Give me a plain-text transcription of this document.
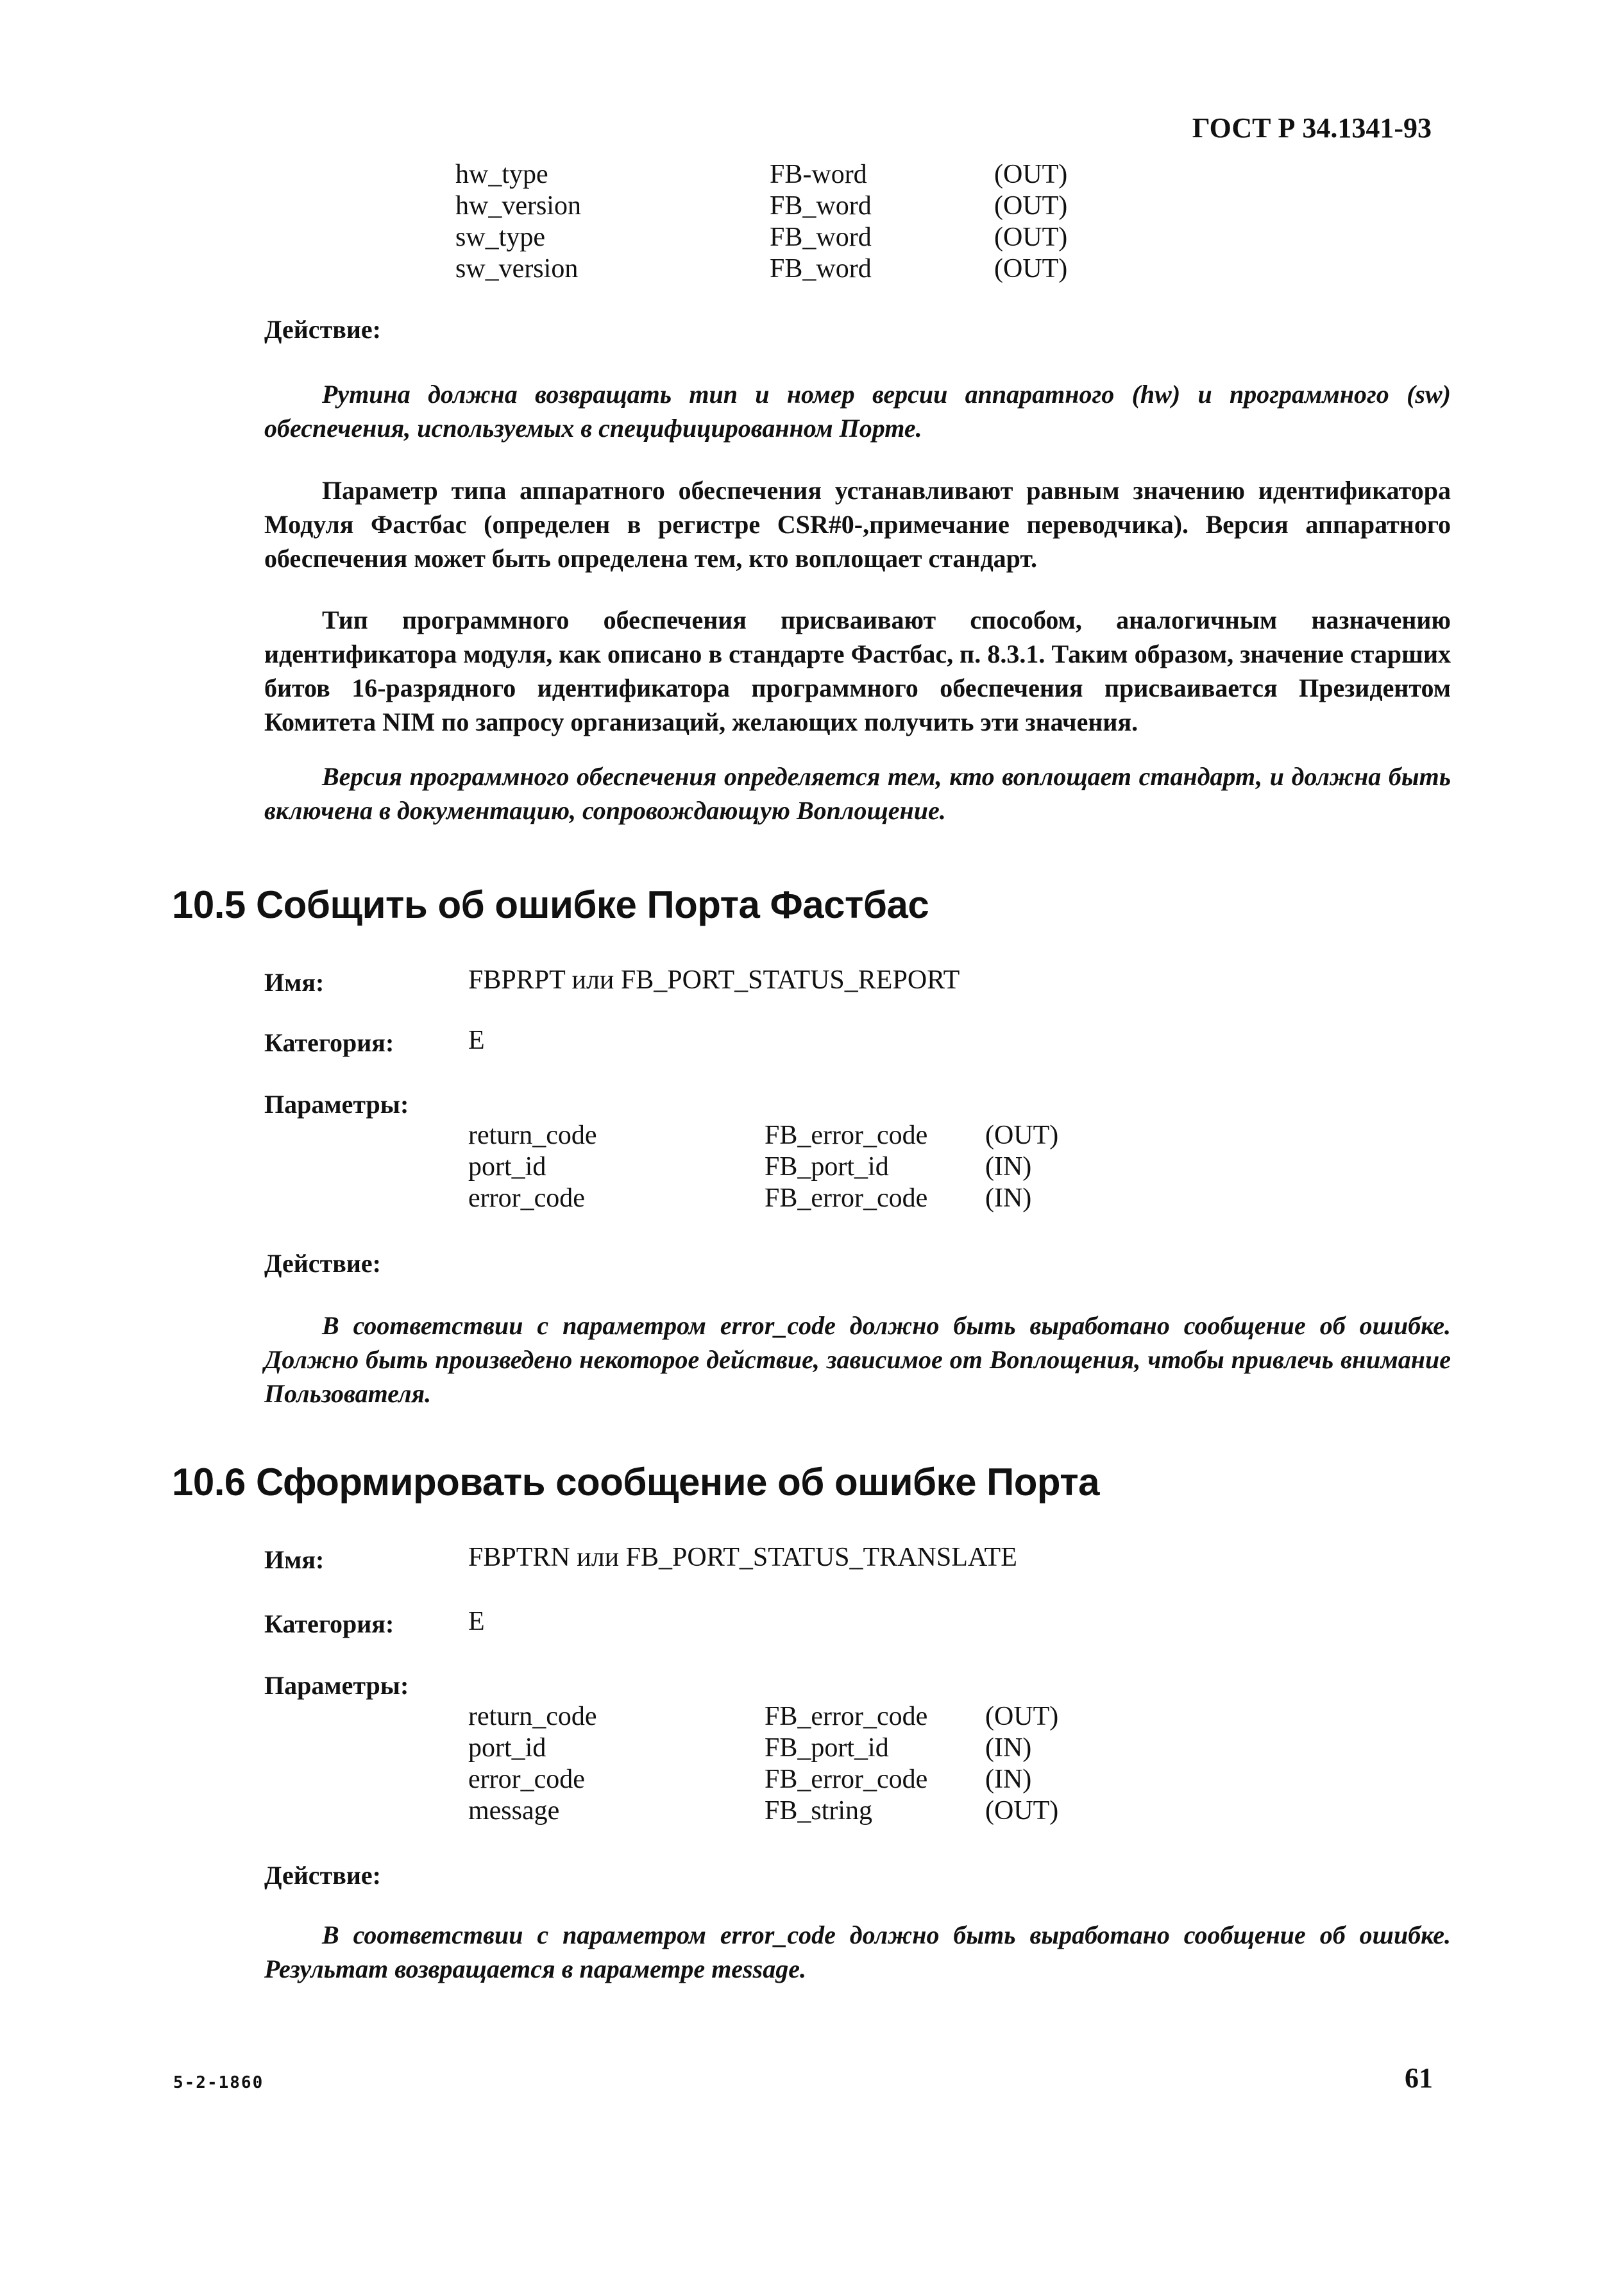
ГОСТ Р 34.1341-93
hw_type	FB-word	(OUT)
hw_version	FB_word	(OUT)
sw_type	FB_word	(OUT)
sw_version	FB_word	(OUT)
Действие:

Рутина должна возвращать тип и номер версии аппаратного (hw) и программного (sw) обеспечения, используемых в специфицированном Порте.

Параметр типа аппаратного обеспечения устанавливают равным значению идентификатора Модуля Фастбас (определен в регистре CSR#0-,примечание переводчика). Версия аппаратного обеспечения может быть определена тем, кто воплощает стандарт.

Тип программного обеспечения присваивают способом, аналогичным назначению идентификатора модуля, как описано в стандарте Фастбас, п. 8.3.1. Таким образом, значение старших битов 16-разрядного идентификатора программного обеспечения присваивается Президентом Комитета NIM по запросу организаций, желающих получить эти значения.

Версия программного обеспечения определяется тем, кто воплощает стандарт, и должна быть включена в документацию, сопровождающую Воплощение.

10.5 Собщить об ошибке Порта Фастбас
Имя:	FBPRPT или FB_PORT_STATUS_REPORT
Категория:	E
Параметры:
return_code	FB_error_code (OUT)
port_id	FB_port_id	(IN)
error_code	FB_error_code (IN)
Действие:

В соответствии с параметром error_code должно быть выработано сообщение об ошибке. Должно быть произведено некоторое действие, зависимое от Воплощения, чтобы привлечь внимание Пользователя.

10.6 Сформировать сообщение об ошибке Порта
Имя:	FBPTRN или FB_PORT_STATUS_TRANSLATE
Категория:	E
Параметры:
return_code	FB_error_code (OUT)
port_id	FB_port_id	(IN)
error_code	FB_error_code (IN)
message	FB_string	(OUT)
Действие:

В соответствии с параметром error_code должно быть выработано сообщение об ошибке. Результат возвращается в параметре message.

5-2-1860	61
